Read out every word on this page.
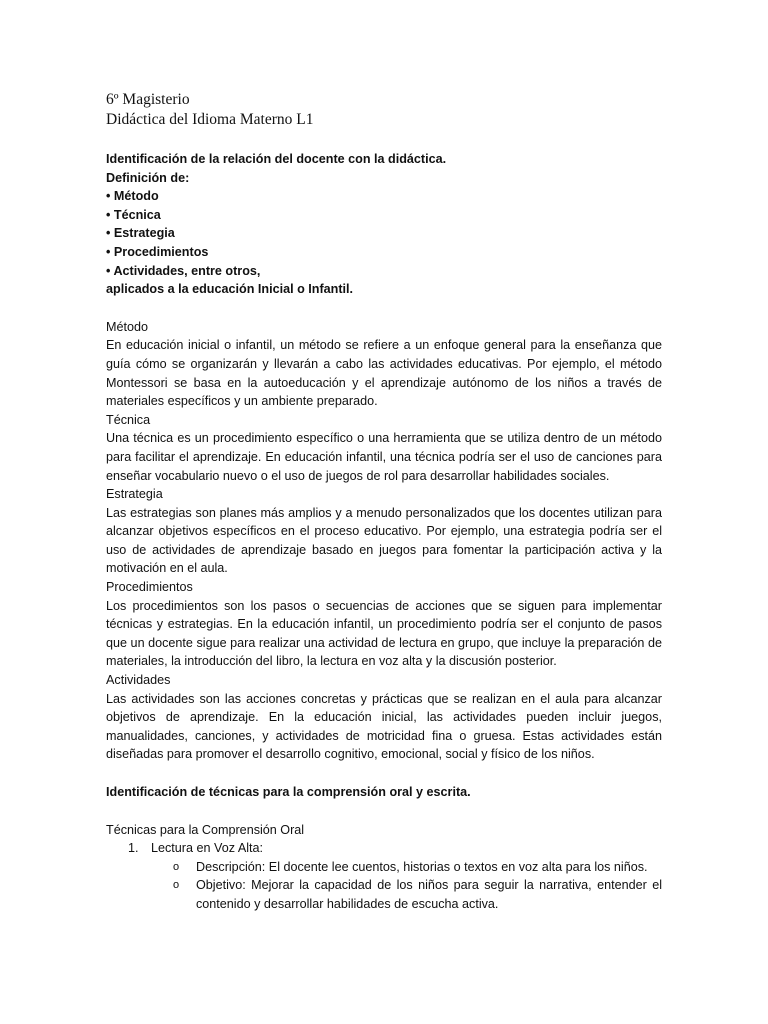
6º Magisterio

Didáctica del Idioma Materno L1

Identificación de la relación del docente con la didáctica.

Definición de:

• Método
• Técnica
• Estrategia
• Procedimientos
• Actividades, entre otros,

aplicados a la educación Inicial o Infantil.

Método

En educación inicial o infantil, un método se refiere a un enfoque general para la enseñanza que guía cómo se organizarán y llevarán a cabo las actividades educativas. Por ejemplo, el método Montessori se basa en la autoeducación y el aprendizaje autónomo de los niños a través de materiales específicos y un ambiente preparado.

Técnica

Una técnica es un procedimiento específico o una herramienta que se utiliza dentro de un método para facilitar el aprendizaje. En educación infantil, una técnica podría ser el uso de canciones para enseñar vocabulario nuevo o el uso de juegos de rol para desarrollar habilidades sociales.

Estrategia

Las estrategias son planes más amplios y a menudo personalizados que los docentes utilizan para alcanzar objetivos específicos en el proceso educativo. Por ejemplo, una estrategia podría ser el uso de actividades de aprendizaje basado en juegos para fomentar la participación activa y la motivación en el aula.

Procedimientos

Los procedimientos son los pasos o secuencias de acciones que se siguen para implementar técnicas y estrategias. En la educación infantil, un procedimiento podría ser el conjunto de pasos que un docente sigue para realizar una actividad de lectura en grupo, que incluye la preparación de materiales, la introducción del libro, la lectura en voz alta y la discusión posterior.

Actividades

Las actividades son las acciones concretas y prácticas que se realizan en el aula para alcanzar objetivos de aprendizaje. En la educación inicial, las actividades pueden incluir juegos, manualidades, canciones, y actividades de motricidad fina o gruesa. Estas actividades están diseñadas para promover el desarrollo cognitivo, emocional, social y físico de los niños.

Identificación de técnicas para la comprensión oral y escrita.

Técnicas para la Comprensión Oral

1. Lectura en Voz Alta:
o Descripción: El docente lee cuentos, historias o textos en voz alta para los niños.
o Objetivo: Mejorar la capacidad de los niños para seguir la narrativa, entender el contenido y desarrollar habilidades de escucha activa.
